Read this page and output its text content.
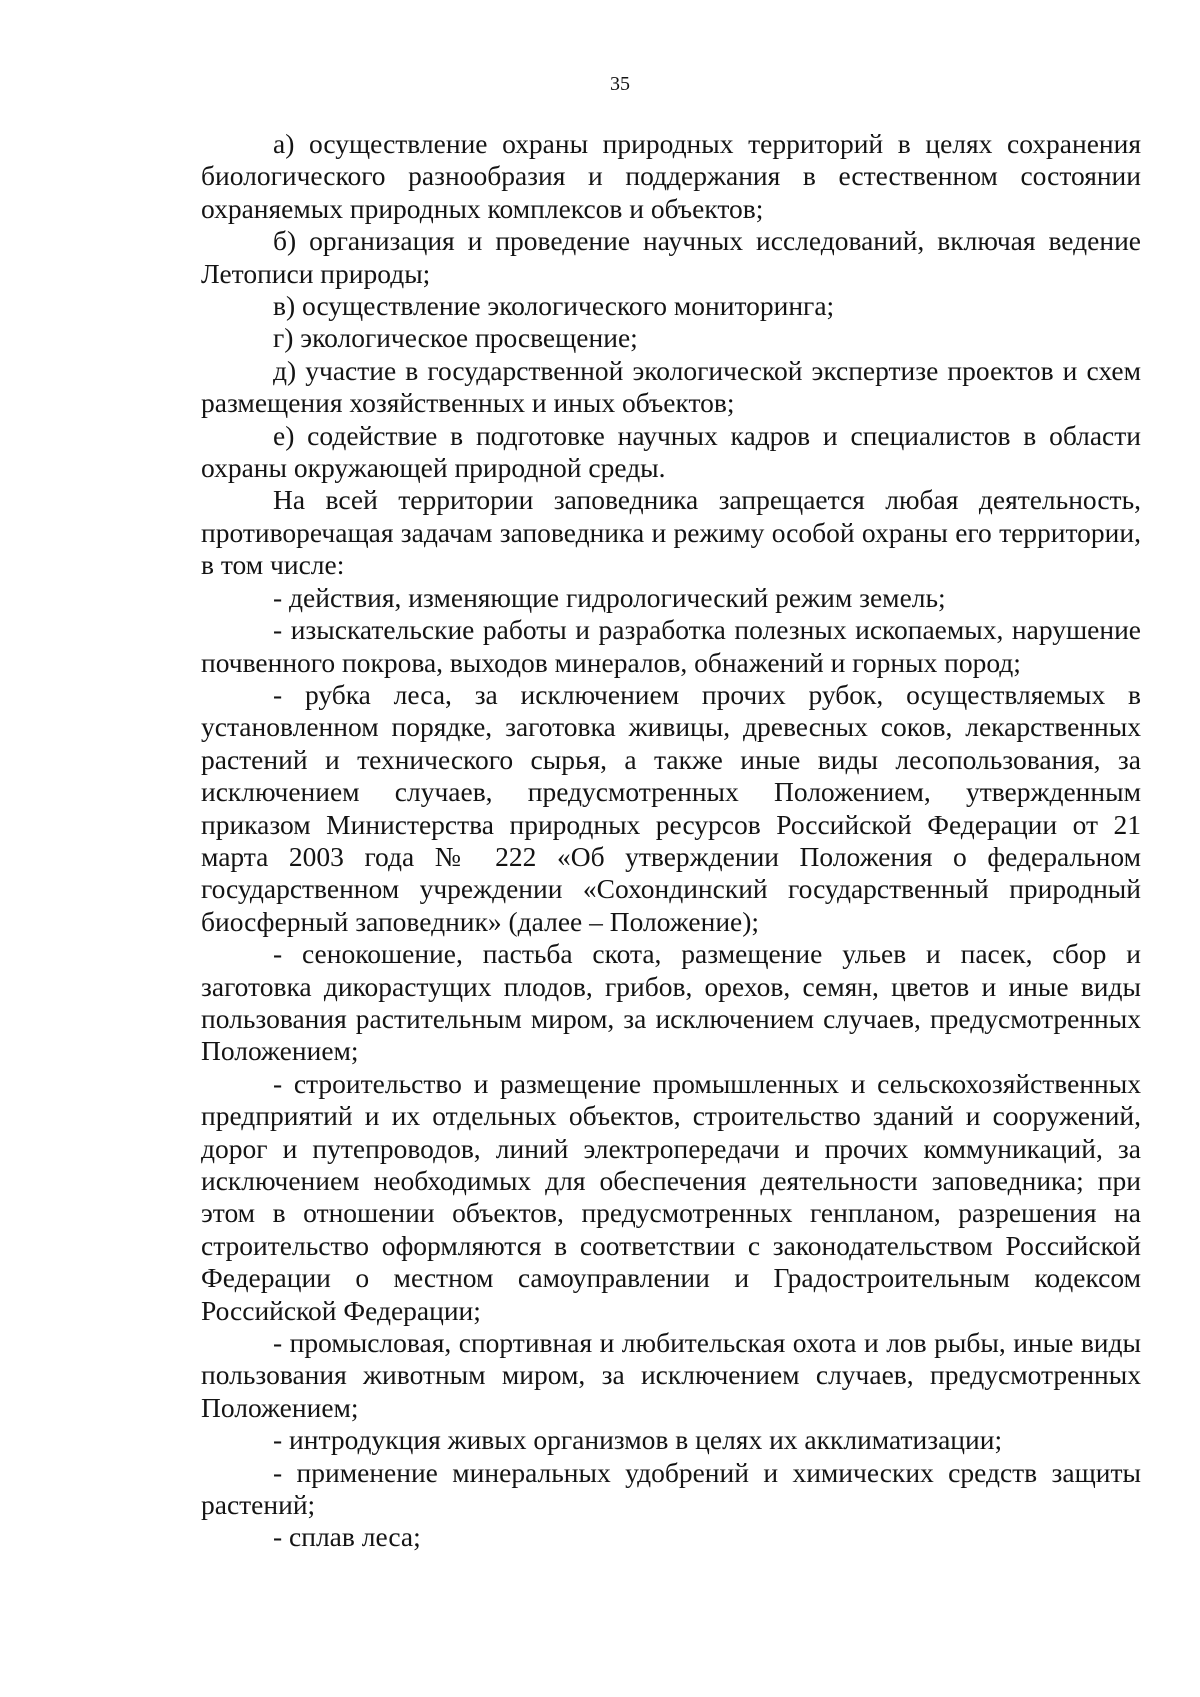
35

а) осуществление охраны природных территорий в целях сохранения биологического разнообразия и поддержания в естественном состоянии охраняемых природных комплексов и объектов;

б) организация и проведение научных исследований, включая ведение Летописи природы;

в) осуществление экологического мониторинга;

г) экологическое просвещение;

д) участие в государственной экологической экспертизе проектов и схем размещения хозяйственных и иных объектов;

е) содействие в подготовке научных кадров и специалистов в области охраны окружающей природной среды.

На всей территории заповедника запрещается любая деятельность, противоречащая задачам заповедника и режиму особой охраны его территории, в том числе:

- действия, изменяющие гидрологический режим земель;

- изыскательские работы и разработка полезных ископаемых, нарушение почвенного покрова, выходов минералов, обнажений и горных пород;

- рубка леса, за исключением прочих рубок, осуществляемых в установленном порядке, заготовка живицы, древесных соков, лекарственных растений и технического сырья, а также иные виды лесопользования, за исключением случаев, предусмотренных Положением, утвержденным приказом Министерства природных ресурсов Российской Федерации от 21 марта 2003 года № 222 «Об утверждении Положения о федеральном государственном учреждении «Сохондинский государственный природный биосферный заповедник» (далее – Положение);

- сенокошение, пастьба скота, размещение ульев и пасек, сбор и заготовка дикорастущих плодов, грибов, орехов, семян, цветов и иные виды пользования растительным миром, за исключением случаев, предусмотренных Положением;

- строительство и размещение промышленных и сельскохозяйственных предприятий и их отдельных объектов, строительство зданий и сооружений, дорог и путепроводов, линий электропередачи и прочих коммуникаций, за исключением необходимых для обеспечения деятельности заповедника; при этом в отношении объектов, предусмотренных генпланом, разрешения на строительство оформляются в соответствии с законодательством Российской Федерации о местном самоуправлении и Градостроительным кодексом Российской Федерации;

- промысловая, спортивная и любительская охота и лов рыбы, иные виды пользования животным миром, за исключением случаев, предусмотренных Положением;

- интродукция живых организмов в целях их акклиматизации;

- применение минеральных удобрений и химических средств защиты растений;

- сплав леса;
